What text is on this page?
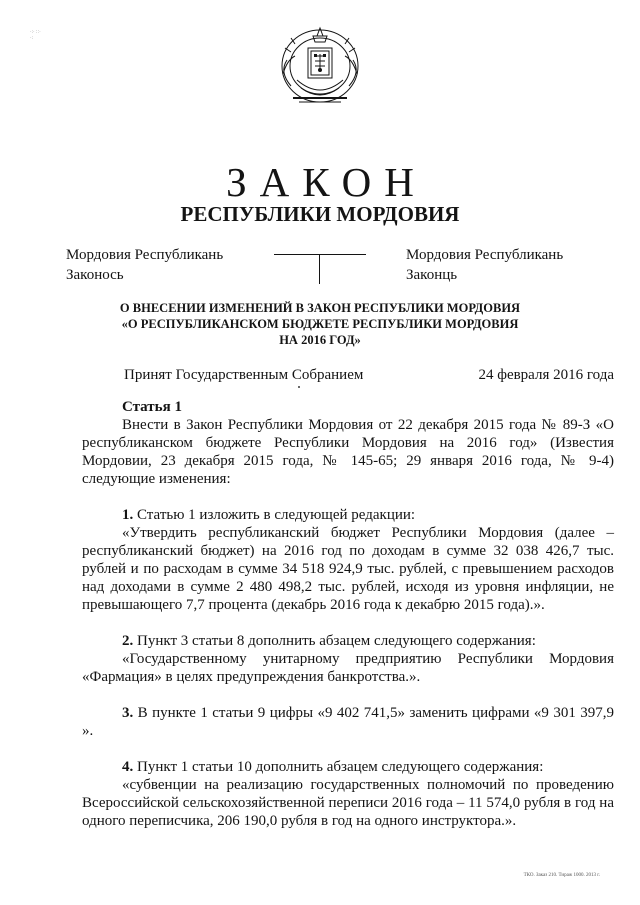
·:· ∷· ·:
ЗАКОН
РЕСПУБЛИКИ МОРДОВИЯ
Мордовия Республикань
Законось
Мордовия Республикань
Законць
О ВНЕСЕНИИ ИЗМЕНЕНИЙ В ЗАКОН РЕСПУБЛИКИ МОРДОВИЯ
«О РЕСПУБЛИКАНСКОМ БЮДЖЕТЕ РЕСПУБЛИКИ МОРДОВИЯ
НА 2016 ГОД»
Принят Государственным Собранием	24 февраля 2016 года
Статья 1

Внести в Закон Республики Мордовия от 22 декабря 2015 года № 89-З «О республиканском бюджете Республики Мордовия на 2016 год» (Известия Мордовии, 23 декабря 2015 года, № 145-65; 29 января 2016 года, № 9-4) следующие изменения:

1. Статью 1 изложить в следующей редакции:

«Утвердить республиканский бюджет Республики Мордовия (далее – республиканский бюджет) на 2016 год по доходам в сумме 32 038 426,7 тыс. рублей и по расходам в сумме 34 518 924,9 тыс. рублей, с превышением расходов над доходами в сумме 2 480 498,2 тыс. рублей, исходя из уровня инфляции, не превышающего 7,7 процента (декабрь 2016 года к декабрю 2015 года).».

2. Пункт 3 статьи 8 дополнить абзацем следующего содержания:

«Государственному унитарному предприятию Республики Мордовия «Фармация» в целях предупреждения банкротства.».

3. В пункте 1 статьи 9 цифры «9 402 741,5» заменить цифрами «9 301 397,9 ».

4. Пункт 1 статьи 10 дополнить абзацем следующего содержания:

«субвенции на реализацию государственных полномочий по проведению Всероссийской сельскохозяйственной переписи 2016 года – 11 574,0 рубля в год на одного переписчика, 206 190,0 рубля в год на одного инструктора.».

ТКО. Заказ 210. Тираж 1000. 2013 г.
